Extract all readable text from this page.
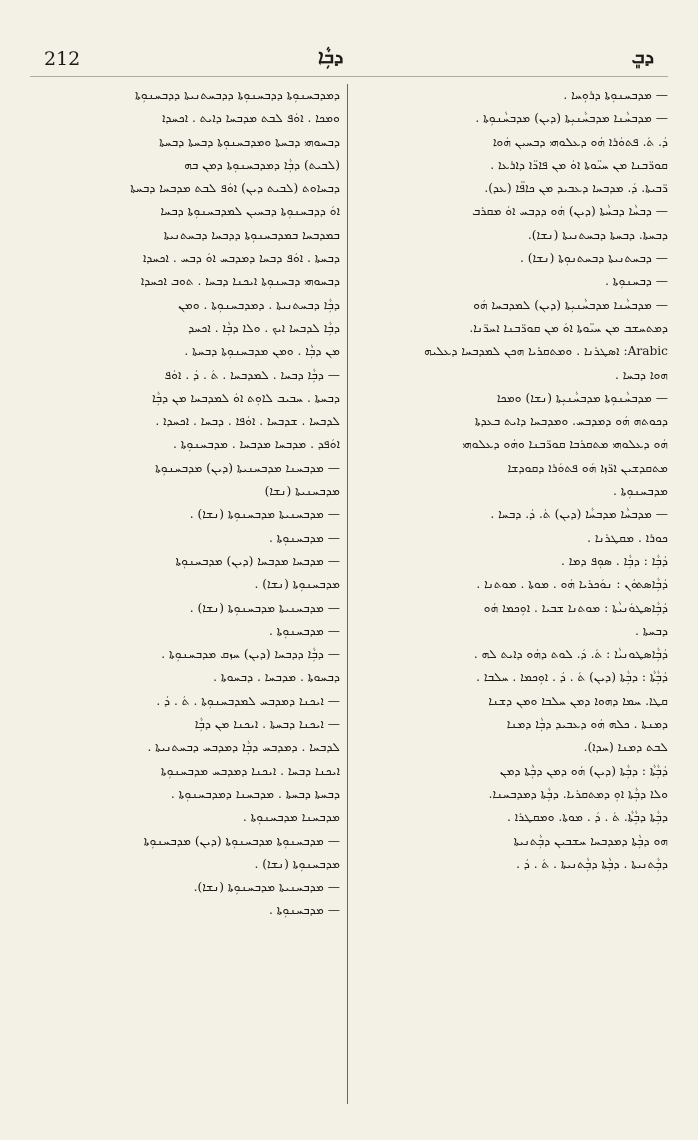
212	ܕܒܼܵܐ	ܕܒܸ
— ܡܕܒܚܢܘܼܬܐ ܕܪܘܼܚܐ .
— ܡܕܒܚܵܢܐ ܡܕܒܚܵܢܝܼܬܐ (ܕܝܢ) ܡܕܒܚܵܢܘܼܬܐ .
ܕܿ. ܬܿ. ܦܬܘܿܪܐ ܗܿܘ ܕܥܠܘܗܝ ܕܒܚܝܢ ܗܿܘܐ
ܩܘܪ̈ܒܢܐ ܡܢ ܚܝ̈ܘܬܐ ܐܘܿ ܡܢ ܦܐܖ̈ܐ ܕܐܪܥܐ .
ܪ̈ܒܝܬܐ. ܕܿ. ܡܕܒܚܐ ܕܥܒܝܕ ܡܢ ܟܐܦ̈ܐ (ܥܕ).
— ܕܒܚܵܐ ܕܒܚܵܬܐ (ܕܝܢ) ܗܿܘ ܕܕܒܚ ܐܘܿ ܡܩܪܒ
ܕܒܚܬܐ. ܕܒܚܬܐ ܕܒܚܬܢܝܬܐ (ܢܫܐ).
— ܕܒܚܬܢܝܬܐ ܕܒܚܬܢܘܼܬܐ (ܢܫܐ) .
— ܕܒܚܢܘܼܬܐ .
— ܡܕܒܚܵܢܐ ܡܕܒܚܵܢܝܼܬܐ (ܕܝܢ) ܠܡܕܒܚܐ ܗܿܘ
ܕܡܬܚܫܒ ܡܢ ܚܝ̈ܘܬܐ ܐܘܿ ܡܢ ܩܘܪ̈ܒܢܐ ܐܚܪ̈ܢܐ.
Arabic: ܐܣܛܪܢܐ . ܘܡܬܩܪܝܐ ܗܟܢ ܠܡܕܒܚܐ ܕܥܠܝܗ
ܗܘܐ ܕܒܚܐ .
— ܡܕܒܚܵܢܘܼܬܐ ܡܕܒܚܵܢܝܼܬܐ (ܢܫܐ) ܘܡܟܐ
ܕܟܘܬܗ ܗܿܘ ܕܡܕܒܚ. ܘܡܕܒܚܐ ܕܐܝܬ ܒܥܕܬܐ
ܗܿܘ ܕܥܠܘܗܝ ܡܬܩܪܒܐ ܩܘܪ̈ܒܢܐ ܘܗܿܘ ܕܥܠܘܗܝ
ܡܬܩܕܫܝܢ ܐܪ̈ܙܐ ܗܿܘ ܦܬܘܿܪܐ ܕܩܘܕܫܐ
ܡܕܒܚܢܘܼܬܐ .
— ܡܕܒܚܵܐ ܡܕܒܚܵܐ (ܕܝܢ) ܬܿ. ܕܿ. ܕܒܚܐ .
ܟܘܪܐ . ܡܩܛܪܢܐ .
ܕܿܒܼܵܐ : ܕܒܼܵܐ . ܣܘܼܦ ܕܡܐ .
ܕܿܒܼܵܐܣܬܘܿܢ : ܢܘܿܟܪܝܐ ܗܿܘ . ܡܘܬܐ . ܡܘܬܢܐ .
ܕܿܒܼܵܐܣܛܘܿܢܝܵܬܐ : ܡܘܬܢܐ ܫܒܝܐ . ܐܘܼܟܡܐ ܗܿܘ
ܕܒܚܬܐ .
ܕܿܒܼܵܐܣܛܘܢܝܵܐ : ܬܿ. ܕܿ. ܠܘܬ ܕܗܿܘ ܕܐܝܬ ܠܗ .
ܕܿܒܼܵܬܵܐ : ܕܒܼܵܬܐ (ܕܝܢ) ܬܿ . ܕܿ . ܐܘܼܟܡܐ . ܚܠܒܐ .
ܩܛܐ. ܚܡܐ ܕܗܘܐ ܕܡܢ ܚܠܒܐ ܘܡܢ ܕܫܢܐ
ܕܡܢܬܐ . ܟܠܗ ܗܿܘ ܕܥܒܝܕ ܕܒܼܵܐ ܕܡܢܐ
ܠܒܬ ܕܡܢܐ (ܚܕܐ).
ܕܿܒܼܵܬܵܐ : ܕܒܼܵܬܐ (ܕܝܢ) ܗܿܘ ܕܡܢ ܕܒܼܵܬܐ ܕܡܢ
ܘܠܐ ܕܒܼܵܬܐ ܐܘܼ ܕܡܬܩܪܝܐ. ܕܒܼܵܬܐ ܕܡܕܒܚܢܐ.
ܕܒܼܵܬܐ ܕܒܼܵܬܵܐ. ܬܿ . ܕܿ . ܡܘܬܐ. ܘܡܩܛܪܐ .
ܗܘ ܕܒܼܵܬܐ ܕܡܕܒܚܐ ܚܫܒܝܢ ܕܒܼܵܬܢܝܬܐ
ܕܒܼܵܬܢܝܬܐ . ܕܒܼܵܬܐ ܕܒܼܵܬܢܝܬܐ . ܬܿ . ܕܿ .
ܕܡܕܒܚܢܘܼܬܐ ܕܕܒܚܢܘܼܬܐ ܕܕܒܚܬܢܝܬܐ ܕܕܒܚܢܘܼܬܐ
ܘܡܟܐ . ܐܘܿܦ ܠܒܬ ܡܕܒܚܐ ܕܐܝܬ . ܐܟܚܕܐ
ܕܒܚܘܗܝ ܕܒܚܬܐ ܘܡܕܒܚܢܘܼܬܐ ܕܒܚܬܐ ܕܒܚܬܐ
(ܠܒܝܬ) ܕܒܼܵܐ ܕܡܕܒܚܢܘܼܬܐ ܕܡܢ ܒܗ
ܕܒܚܐܘܬ (ܠܒܝܬ ܕܝܢ) ܐܘܿܦ ܠܒܬ ܡܕܒܚܐ ܕܒܚܬܐ
ܐܘܿ ܕܕܒܚܢܘܼܬܐ ܕܒܚܝܢ ܠܡܕܒܚܢܘܼܬܐ ܕܒܚܐ
ܒܡܕܒܚܐ ܒܡܕܒܚܢܘܼܬܐ ܕܕܒܚܐ ܕܒܚܬܢܝܬܐ
ܕܒܚܬܐ . ܐܘܿܦ ܕܒܚܐ ܕܡܕܒܚ ܐܘܿ ܕܒܚ . ܐܟܚܕܐ
ܕܒܚܘܗܝ ܕܒܚܢܘܼܬܐ ܐܝܟܢܐ ܕܒܚܐ . ܬܘܒ ܐܟܚܕܐ
ܕܒܼܵܐ ܕܒܚܬܢܝܬܐ . ܕܡܕܒܚܢܘܼܬܐ . ܘܡܢ
ܕܒܼܵܐ ܠܕܒܚܐ ܐܝܟ . ܘܠܐ ܕܒܼܵܐ . ܐܟܚܕ
ܡܢ ܕܒܼܵܐ . ܘܡܢ ܡܕܒܚܢܘܼܬܐ ܕܒܚܬܐ .
— ܕܒܼܵܐ ܕܒܚܐ . ܠܡܕܒܚܐ . ܬܿ . ܕܿ . ܐܘܿܦ
ܕܒܚܬܐ . ܚܒܝܒ ܠܐܘܼܬ ܐܘܿ ܠܡܕܒܚܐ ܡܢ ܕܒܼܵܐ
ܠܕܒܚܐ . ܫܕܒܚܐ . ܐܘܿܦܐ . ܕܒܚܐ . ܐܟܚܕܐ .
ܐܘܿܦܕ . ܡܕܒܚܐ ܡܕܒܚܐ . ܡܕܒܚܢܘܼܬܐ .
— ܡܕܒܚܢܐ ܡܕܒܚܢܝܬܐ (ܕܝܢ) ܡܕܒܚܢܘܼܬܐ
ܡܕܒܚܢܝܬܐ (ܢܫܐ)
— ܡܕܒܚܢܝܬܐ ܡܕܒܚܢܘܼܬܐ (ܢܫܐ) .
— ܡܕܒܚܢܘܼܬܐ .
— ܡܕܒܚܐ ܡܕܒܚܐ (ܕܝܢ) ܡܕܒܚܢܘܼܬܐ
ܡܕܒܚܢܘܼܬܐ (ܢܫܐ) .
— ܡܕܒܚܢܝܬܐ ܡܕܒܚܢܘܼܬܐ (ܢܫܐ) .
— ܡܕܒܚܢܘܼܬܐ .
— ܕܒܼܵܐ ܕܕܒܚܐ (ܕܝܢ) ܚܙܩ ܡܕܒܚܢܘܼܬܐ .
ܕܒܚܘܬܐ . ܡܕܒܚܐ . ܕܒܚܘܬܐ .
— ܐܝܟܢܐ ܕܡܕܒܚ ܠܡܕܒܚܢܘܼܬܐ . ܬܿ . ܕܿ .
— ܐܝܟܢܐ ܕܒܚܬܐ . ܐܝܟܢܐ ܡܢ ܕܒܼܵܐ
ܠܕܒܚܐ . ܕܡܕܒܚ ܕܒܼܵܐ ܕܡܕܒܚ ܕܒܚܬܢܝܬܐ .
ܐܝܟܢܐ ܕܒܚܐ . ܐܝܟܢܐ ܕܡܕܒܚ ܡܕܒܚܢܘܼܬܐ
ܕܒܚܬܐ ܕܒܚܬܐ . ܡܕܒܚܢܐ ܕܡܕܒܚܢܘܼܬܐ .
ܡܕܒܚܢܐ ܡܕܒܚܢܘܼܬܐ .
— ܡܕܒܚܢܘܼܬܐ ܡܕܒܚܢܘܼܬܐ (ܕܝܢ) ܡܕܒܚܢܘܼܬܐ
ܡܕܒܚܢܘܼܬܐ (ܢܫܐ) .
— ܡܕܒܚܢܝܬܐ ܡܕܒܚܢܘܼܬܐ (ܢܫܐ).
— ܡܕܒܚܢܘܼܬܐ .
